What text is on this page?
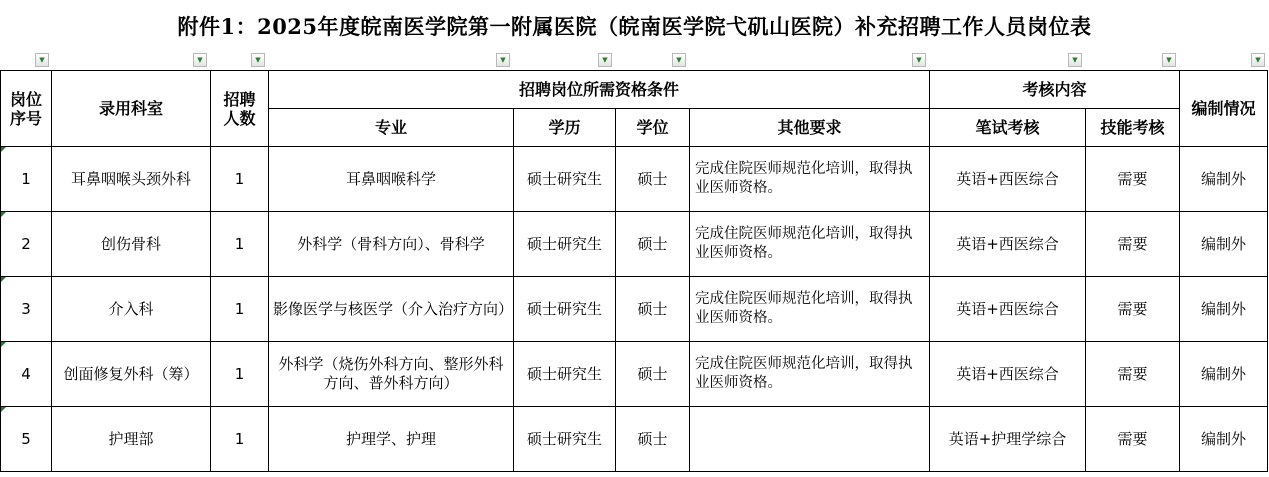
附件1：2025年度皖南医学院第一附属医院（皖南医学院弋矶山医院）补充招聘工作人员岗位表
▼	▼	▼	▼	▼	▼	▼	▼	▼	▼
岗位序号	录用科室	招聘人数	招聘岗位所需资格条件				考核内容		编制情况
			专业	学历	学位	其他要求	笔试考核	技能考核	

1	耳鼻咽喉头颈外科	1	耳鼻咽喉科学	硕士研究生	硕士	完成住院医师规范化培训，取得执业医师资格。	英语+西医综合	需要	编制外

2	创伤骨科	1	外科学（骨科方向）、骨科学	硕士研究生	硕士	完成住院医师规范化培训，取得执业医师资格。	英语+西医综合	需要	编制外

3	介入科	1	影像医学与核医学（介入治疗方向）	硕士研究生	硕士	完成住院医师规范化培训，取得执业医师资格。	英语+西医综合	需要	编制外

4	创面修复外科（筹）	1	外科学（烧伤外科方向、整形外科方向、普外科方向）	硕士研究生	硕士	完成住院医师规范化培训，取得执业医师资格。	英语+西医综合	需要	编制外

5	护理部	1	护理学、护理	硕士研究生	硕士		英语+护理学综合	需要	编制外
